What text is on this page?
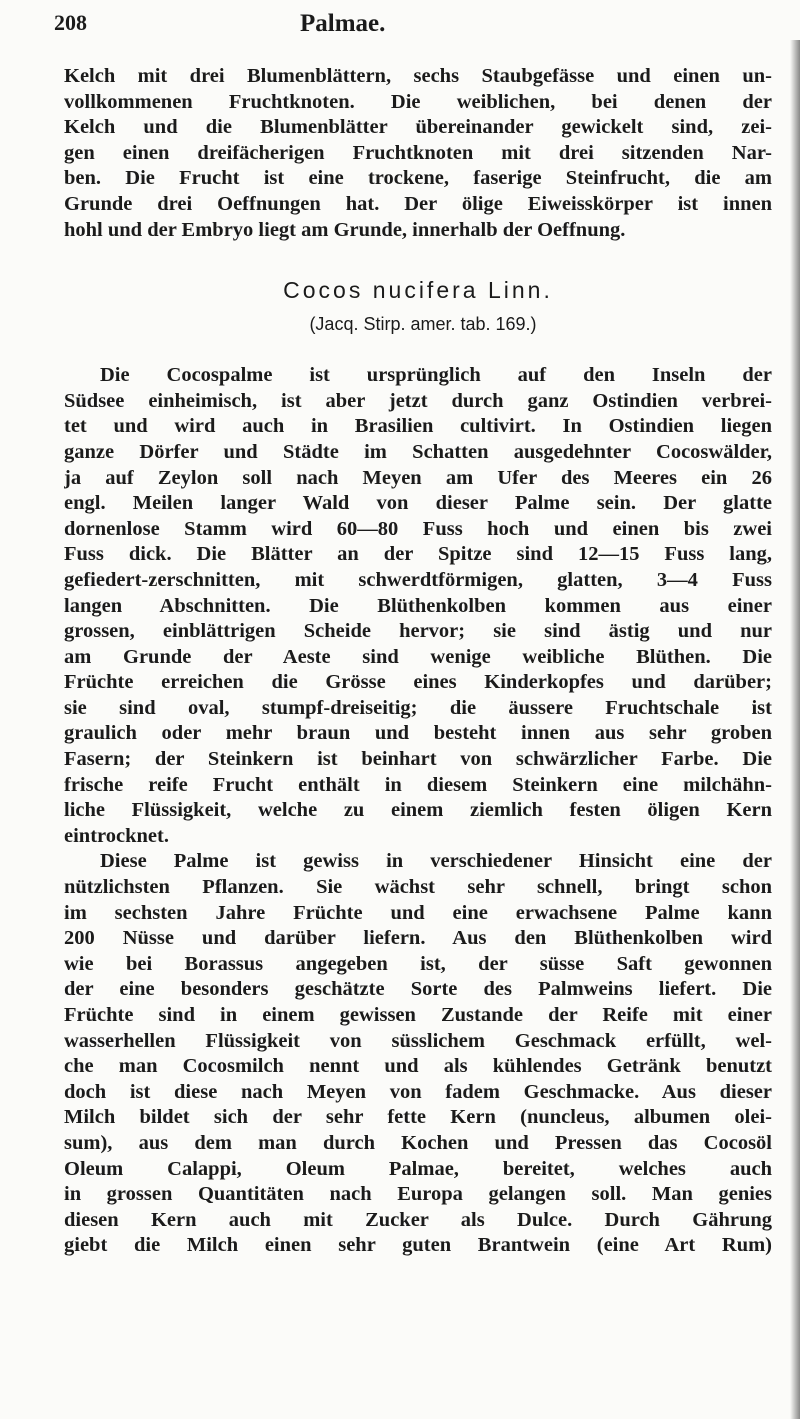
208	Palmae.
Kelch mit drei Blumenblättern, sechs Staubgefässe und einen un-
vollkommenen Fruchtknoten. Die weiblichen, bei denen der
Kelch und die Blumenblätter übereinander gewickelt sind, zei-
gen einen dreifächerigen Fruchtknoten mit drei sitzenden Nar-
ben. Die Frucht ist eine trockene, faserige Steinfrucht, die am
Grunde drei Oeffnungen hat. Der ölige Eiweisskörper ist innen
hohl und der Embryo liegt am Grunde, innerhalb der Oeffnung.
Cocos nucifera Linn.
(Jacq. Stirp. amer. tab. 169.)
Die Cocospalme ist ursprünglich auf den Inseln der
Südsee einheimisch, ist aber jetzt durch ganz Ostindien verbrei-
tet und wird auch in Brasilien cultivirt. In Ostindien liegen
ganze Dörfer und Städte im Schatten ausgedehnter Cocoswälder,
ja auf Zeylon soll nach Meyen am Ufer des Meeres ein 26
engl. Meilen langer Wald von dieser Palme sein. Der glatte
dornenlose Stamm wird 60—80 Fuss hoch und einen bis zwei
Fuss dick. Die Blätter an der Spitze sind 12—15 Fuss lang,
gefiedert-zerschnitten, mit schwerdtförmigen, glatten, 3—4 Fuss
langen Abschnitten. Die Blüthenkolben kommen aus einer
grossen, einblättrigen Scheide hervor; sie sind ästig und nur
am Grunde der Aeste sind wenige weibliche Blüthen. Die
Früchte erreichen die Grösse eines Kinderkopfes und darüber;
sie sind oval, stumpf-dreiseitig; die äussere Fruchtschale ist
graulich oder mehr braun und besteht innen aus sehr groben
Fasern; der Steinkern ist beinhart von schwärzlicher Farbe. Die
frische reife Frucht enthält in diesem Steinkern eine milchähn-
liche Flüssigkeit, welche zu einem ziemlich festen öligen Kern
eintrocknet.
Diese Palme ist gewiss in verschiedener Hinsicht eine der
nützlichsten Pflanzen. Sie wächst sehr schnell, bringt schon
im sechsten Jahre Früchte und eine erwachsene Palme kann
200 Nüsse und darüber liefern. Aus den Blüthenkolben wird
wie bei Borassus angegeben ist, der süsse Saft gewonnen
der eine besonders geschätzte Sorte des Palmweins liefert. Die
Früchte sind in einem gewissen Zustande der Reife mit einer
wasserhellen Flüssigkeit von süsslichem Geschmack erfüllt, wel-
che man Cocosmilch nennt und als kühlendes Getränk benutzt
doch ist diese nach Meyen von fadem Geschmacke. Aus dieser
Milch bildet sich der sehr fette Kern (nuncleus, albumen olei-
sum), aus dem man durch Kochen und Pressen das Cocosöl
Oleum Calappi, Oleum Palmae, bereitet, welches auch
in grossen Quantitäten nach Europa gelangen soll. Man genies
diesen Kern auch mit Zucker als Dulce. Durch Gährung
giebt die Milch einen sehr guten Brantwein (eine Art Rum)
